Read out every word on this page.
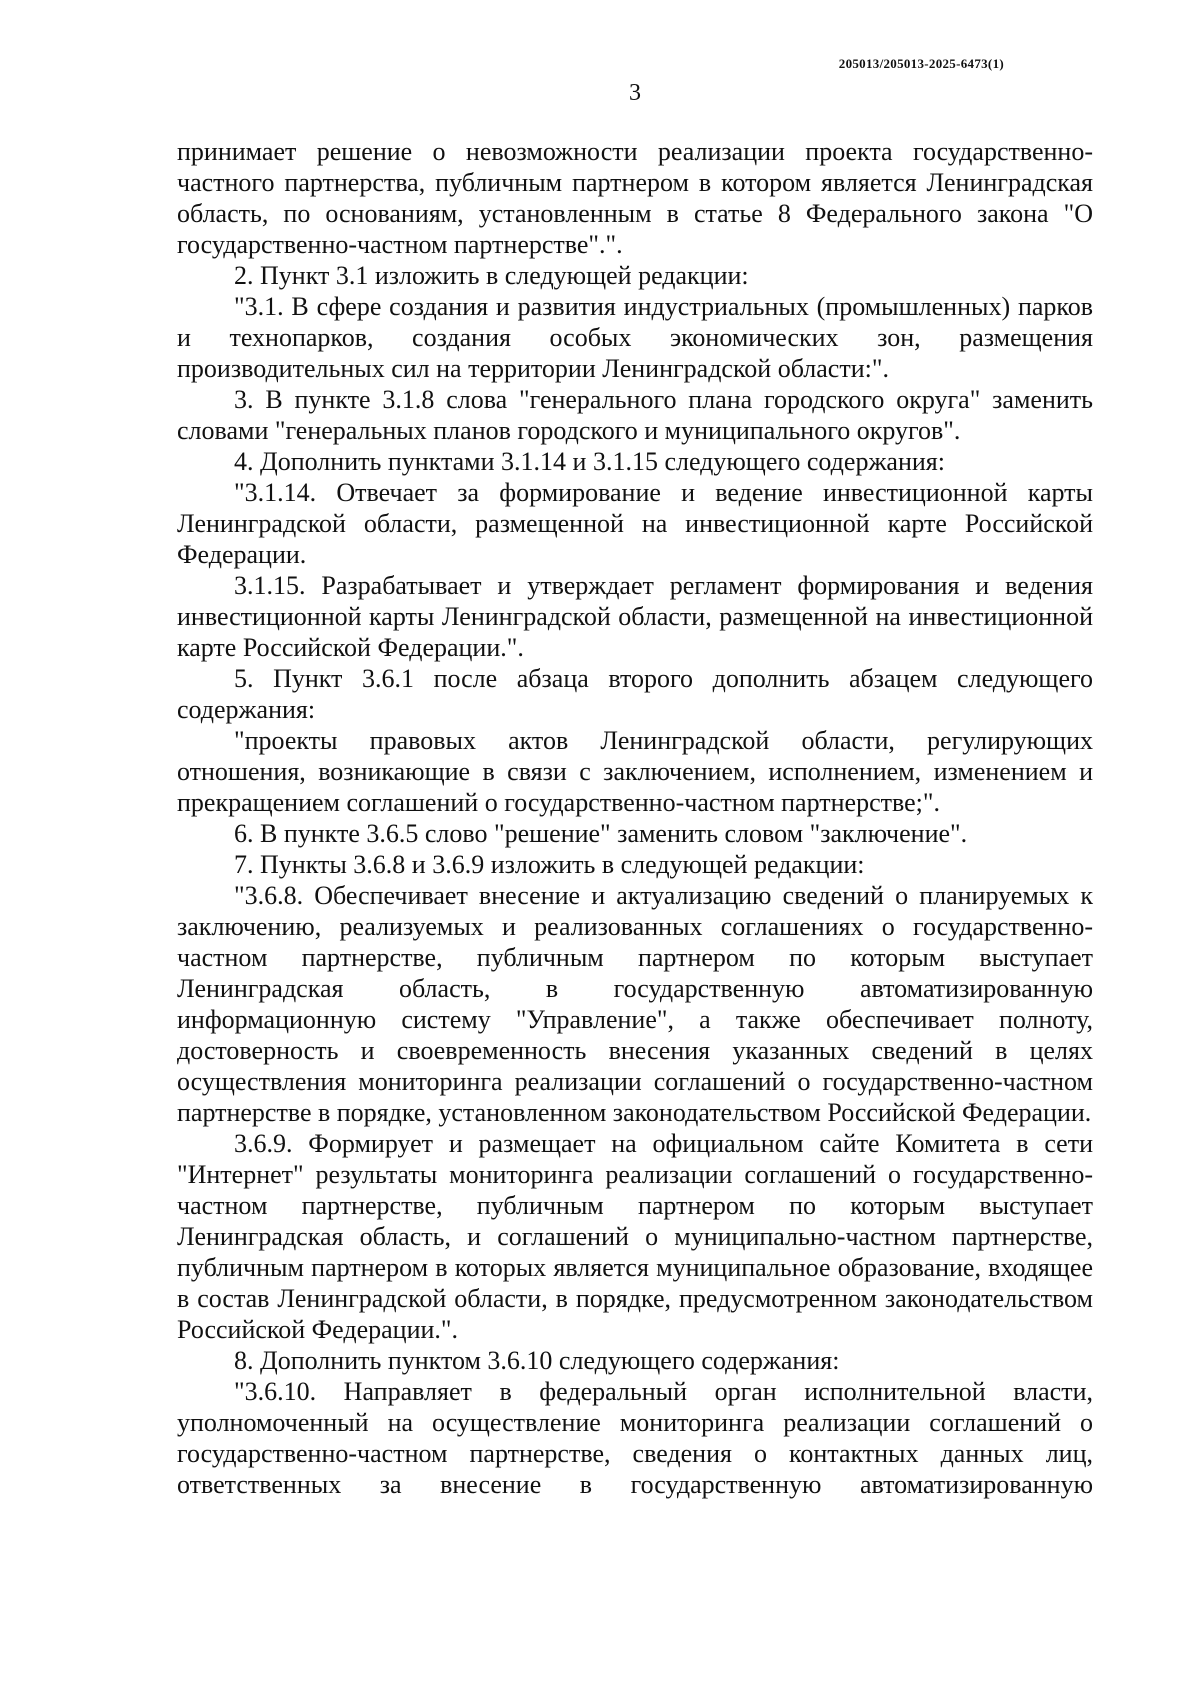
205013/205013-2025-6473(1)
3

принимает решение о невозможности реализации проекта государственно-частного партнерства, публичным партнером в котором является Ленинградская область, по основаниям, установленным в статье 8 Федерального закона "О государственно-частном партнерстве".".

2. Пункт 3.1 изложить в следующей редакции:

"3.1. В сфере создания и развития индустриальных (промышленных) парков и технопарков, создания особых экономических зон, размещения производительных сил на территории Ленинградской области:".

3. В пункте 3.1.8 слова "генерального плана городского округа" заменить словами "генеральных планов городского и муниципального округов".

4. Дополнить пунктами 3.1.14 и 3.1.15 следующего содержания:

"3.1.14. Отвечает за формирование и ведение инвестиционной карты Ленинградской области, размещенной на инвестиционной карте Российской Федерации.

3.1.15. Разрабатывает и утверждает регламент формирования и ведения инвестиционной карты Ленинградской области, размещенной на инвестиционной карте Российской Федерации.".

5. Пункт 3.6.1 после абзаца второго дополнить абзацем следующего содержания:

"проекты правовых актов Ленинградской области, регулирующих отношения, возникающие в связи с заключением, исполнением, изменением и прекращением соглашений о государственно-частном партнерстве;".

6. В пункте 3.6.5 слово "решение" заменить словом "заключение".

7. Пункты 3.6.8 и 3.6.9 изложить в следующей редакции:

"3.6.8. Обеспечивает внесение и актуализацию сведений о планируемых к заключению, реализуемых и реализованных соглашениях о государственно-частном партнерстве, публичным партнером по которым выступает Ленинградская область, в государственную автоматизированную информационную систему "Управление", а также обеспечивает полноту, достоверность и своевременность внесения указанных сведений в целях осуществления мониторинга реализации соглашений о государственно-частном партнерстве в порядке, установленном законодательством Российской Федерации.

3.6.9. Формирует и размещает на официальном сайте Комитета в сети "Интернет" результаты мониторинга реализации соглашений о государственно-частном партнерстве, публичным партнером по которым выступает Ленинградская область, и соглашений о муниципально-частном партнерстве, публичным партнером в которых является муниципальное образование, входящее в состав Ленинградской области, в порядке, предусмотренном законодательством Российской Федерации.".

8. Дополнить пунктом 3.6.10 следующего содержания:

"3.6.10. Направляет в федеральный орган исполнительной власти, уполномоченный на осуществление мониторинга реализации соглашений о государственно-частном партнерстве, сведения о контактных данных лиц, ответственных за внесение в государственную автоматизированную
